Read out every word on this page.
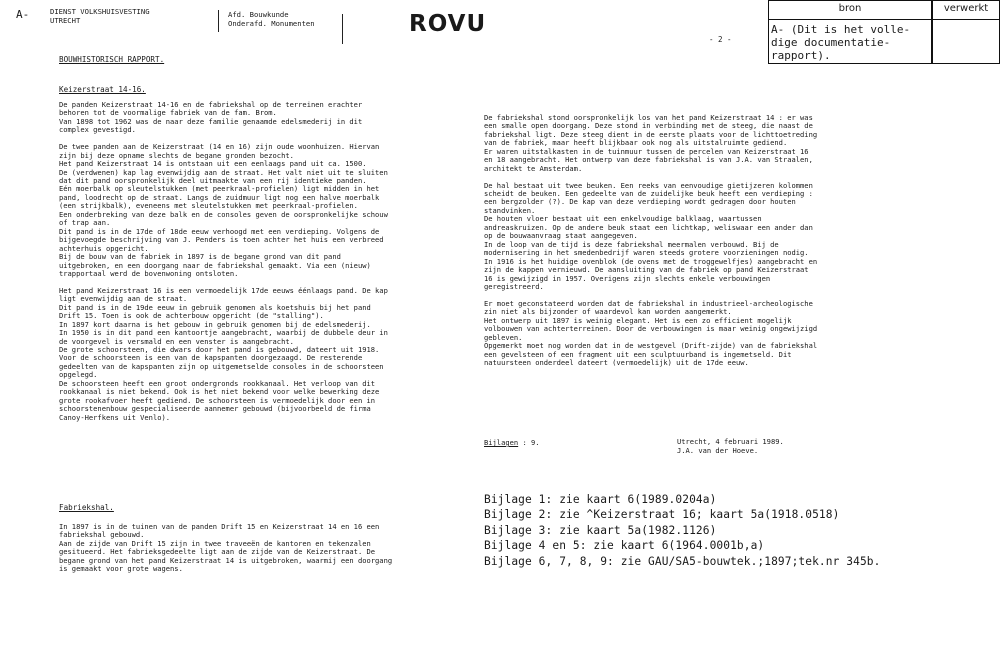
A-	DIENST VOLKSHUISVESTING
UTRECHT
Afd. Bouwkunde
Onderafd. Monumenten	ROVU
- 2 -
BOUWHISTORISCH RAPPORT.
bron	verwerkt
A- (Dit is het volle-
dige documentatie-
rapport).
Keizerstraat 14-16.

De panden Keizerstraat 14-16 en de fabriekshal op de terreinen erachter
behoren tot de voormalige fabriek van de fam. Brom.
Van 1898 tot 1962 was de naar deze familie genaamde edelsmederij in dit
complex gevestigd.

De twee panden aan de Keizerstraat (14 en 16) zijn oude woonhuizen. Hiervan
zijn bij deze opname slechts de begane gronden bezocht.
Het pand Keizerstraat 14 is ontstaan uit een eenlaags pand uit ca. 1500.
De (verdwenen) kap lag evenwijdig aan de straat. Het valt niet uit te sluiten
dat dit pand oorspronkelijk deel uitmaakte van een rij identieke panden.
Eén moerbalk op sleutelstukken (met peerkraal-profielen) ligt midden in het
pand, loodrecht op de straat. Langs de zuidmuur ligt nog een halve moerbalk
(een strijkbalk), eveneens met sleutelstukken met peerkraal-profielen.
Een onderbreking van deze balk en de consoles geven de oorspronkelijke schouw
of trap aan.
Dit pand is in de 17de of 18de eeuw verhoogd met een verdieping. Volgens de
bijgevoegde beschrijving van J. Penders is toen achter het huis een verbreed
achterhuis opgericht.
Bij de bouw van de fabriek in 1897 is de begane grond van dit pand
uitgebroken, en een doorgang naar de fabriekshal gemaakt. Via een (nieuw)
trapportaal werd de bovenwoning ontsloten.

Het pand Keizerstraat 16 is een vermoedelijk 17de eeuws éénlaags pand. De kap
ligt evenwijdig aan de straat.
Dit pand is in de 19de eeuw in gebruik genomen als koetshuis bij het pand
Drift 15. Toen is ook de achterbouw opgericht (de "stalling").
In 1897 kort daarna is het gebouw in gebruik genomen bij de edelsmederij.
In 1950 is in dit pand een kantoortje aangebracht, waarbij de dubbele deur in
de voorgevel is versmald en een venster is aangebracht.
De grote schoorsteen, die dwars door het pand is gebouwd, dateert uit 1918.
Voor de schoorsteen is een van de kapspanten doorgezaagd. De resterende
gedeelten van de kapspanten zijn op uitgemetselde consoles in de schoorsteen
opgelegd.
De schoorsteen heeft een groot ondergronds rookkanaal. Het verloop van dit
rookkanaal is niet bekend. Ook is het niet bekend voor welke bewerking deze
grote rookafvoer heeft gediend. De schoorsteen is vermoedelijk door een in
schoorstenenbouw gespecialiseerde aannemer gebouwd (bijvoorbeeld de firma
Canoy-Herfkens uit Venlo).

Fabriekshal.

In 1897 is in de tuinen van de panden Drift 15 en Keizerstraat 14 en 16 een
fabriekshal gebouwd.
Aan de zijde van Drift 15 zijn in twee traveeën de kantoren en tekenzalen
gesitueerd. Het fabrieksgedeelte ligt aan de zijde van de Keizerstraat. De
begane grond van het pand Keizerstraat 14 is uitgebroken, waarmij een doorgang
is gemaakt voor grote wagens.

De fabriekshal stond oorspronkelijk los van het pand Keizerstraat 14 : er was
een smalle open doorgang. Deze stond in verbinding met de steeg, die naast de
fabriekshal ligt. Deze steeg dient in de eerste plaats voor de lichttoetreding
van de fabriek, maar heeft blijkbaar ook nog als uitstalruimte gediend.
Er waren uitstalkasten in de tuinmuur tussen de percelen van Keizerstraat 16
en 18 aangebracht. Het ontwerp van deze fabriekshal is van J.A. van Straalen,
architekt te Amsterdam.

De hal bestaat uit twee beuken. Een reeks van eenvoudige gietijzeren kolommen
scheidt de beuken. Een gedeelte van de zuidelijke beuk heeft een verdieping :
een bergzolder (?). De kap van deze verdieping wordt gedragen door houten
standvinken.
De houten vloer bestaat uit een enkelvoudige balklaag, waartussen
andreaskruizen. Op de andere beuk staat een lichtkap, weliswaar een ander dan
op de bouwaanvraag staat aangegeven.
In de loop van de tijd is deze fabriekshal meermalen verbouwd. Bij de
modernisering in het smedenbedrijf waren steeds grotere voorzieningen nodig.
In 1916 is het huidige ovenblok (de ovens met de troggewelfjes) aangebracht en
zijn de kappen vernieuwd. De aansluiting van de fabriek op pand Keizerstraat
16 is gewijzigd in 1957. Overigens zijn slechts enkele verbouwingen
geregistreerd.

Er moet geconstateerd worden dat de fabriekshal in industrieel-archeologische
zin niet als bijzonder of waardevol kan worden aangemerkt.
Het ontwerp uit 1897 is weinig elegant. Het is een zo efficient mogelijk
volbouwen van achterterreinen. Door de verbouwingen is maar weinig ongewijzigd
gebleven.
Opgemerkt moet nog worden dat in de westgevel (Drift-zijde) van de fabriekshal
een gevelsteen of een fragment uit een sculptuurband is ingemetseld. Dit
natuursteen onderdeel dateert (vermoedelijk) uit de 17de eeuw.

Bijlagen : 9.	Utrecht, 4 februari 1989.
J.A. van der Hoeve.
Bijlage 1: zie kaart 6(1989.0204a)
Bijlage 2: zie ^Keizerstraat 16; kaart 5a(1918.0518)
Bijlage 3: zie kaart 5a(1982.1126)
Bijlage 4 en 5: zie kaart 6(1964.0001b,a)
Bijlage 6, 7, 8, 9: zie GAU/SA5-bouwtek.;1897;tek.nr 345b.
